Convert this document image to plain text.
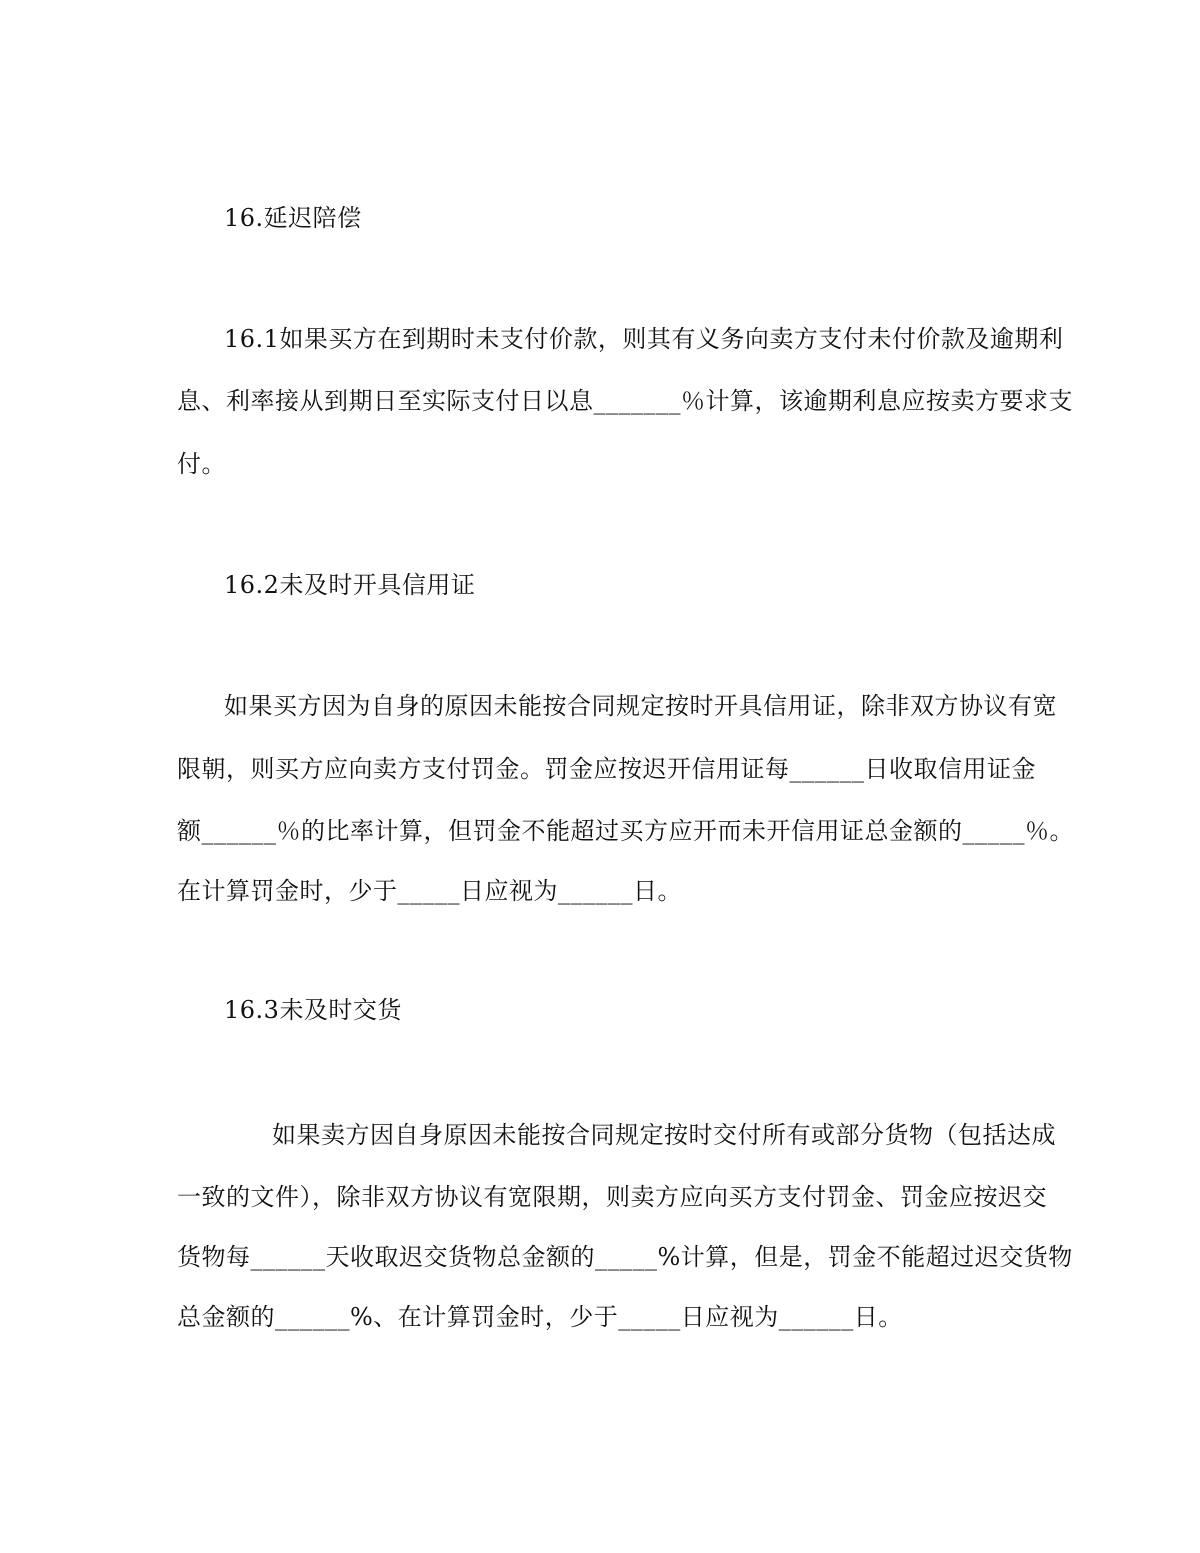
16.延迟陪偿
16.1如果买方在到期时未支付价款，则其有义务向卖方支付未付价款及逾期利
息、利率接从到期日至实际支付日以息_______％计算，该逾期利息应按卖方要求支
付。
16.2未及时开具信用证
如果买方因为自身的原因未能按合同规定按时开具信用证，除非双方协议有宽
限朝，则买方应向卖方支付罚金。罚金应按迟开信用证每______日收取信用证金
额______％的比率计算，但罚金不能超过买方应开而未开信用证总金额的_____％。
在计算罚金时，少于_____日应视为______日。
16.3未及时交货
如果卖方因自身原因未能按合同规定按时交付所有或部分货物（包括达成
一致的文件），除非双方协议有宽限期，则卖方应向买方支付罚金、罚金应按迟交
货物每______天收取迟交货物总金额的_____%计算，但是，罚金不能超过迟交货物
总金额的______%、在计算罚金时，少于_____日应视为______日。
